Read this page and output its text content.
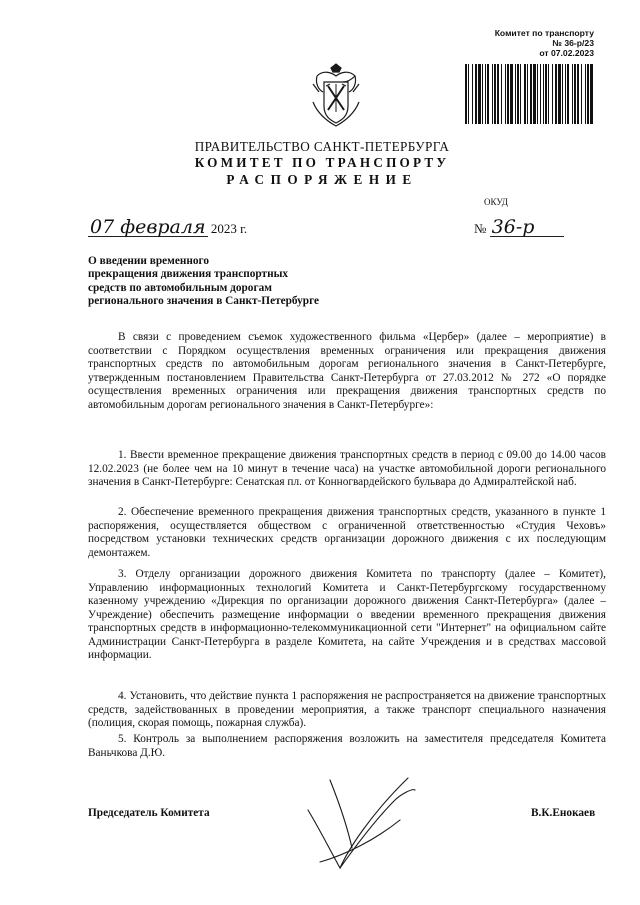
Комитет по транспорту
№ 36-р/23
от 07.02.2023
ПРАВИТЕЛЬСТВО САНКТ-ПЕТЕРБУРГА
КОМИТЕТ ПО ТРАНСПОРТУ
РАСПОРЯЖЕНИЕ
ОКУД
07 февраля 2023 г.	№ 36-р
О введении временного
прекращения движения транспортных
средств по автомобильным дорогам
регионального значения в Санкт-Петербурге
В связи с проведением съемок художественного фильма «Цербер» (далее – мероприятие) в соответствии с Порядком осуществления временных ограничения или прекращения движения транспортных средств по автомобильным дорогам регионального значения в Санкт-Петербурге, утвержденным постановлением Правительства Санкт-Петербурга от 27.03.2012 № 272 «О порядке осуществления временных ограничения или прекращения движения транспортных средств по автомобильным дорогам регионального значения в Санкт-Петербурге»:
1. Ввести временное прекращение движения транспортных средств в период с 09.00 до 14.00 часов 12.02.2023 (не более чем на 10 минут в течение часа) на участке автомобильной дороги регионального значения в Санкт-Петербурге: Сенатская пл. от Конногвардейского бульвара до Адмиралтейской наб.
2. Обеспечение временного прекращения движения транспортных средств, указанного в пункте 1 распоряжения, осуществляется обществом с ограниченной ответственностью «Студия Чеховъ» посредством установки технических средств организации дорожного движения с их последующим демонтажем.
3. Отделу организации дорожного движения Комитета по транспорту (далее – Комитет), Управлению информационных технологий Комитета и Санкт-Петербургскому государственному казенному учреждению «Дирекция по организации дорожного движения Санкт-Петербурга» (далее – Учреждение) обеспечить размещение информации о введении временного прекращения движения транспортных средств в информационно-телекоммуникационной сети "Интернет" на официальном сайте Администрации Санкт-Петербурга в разделе Комитета, на сайте Учреждения и в средствах массовой информации.
4. Установить, что действие пункта 1 распоряжения не распространяется на движение транспортных средств, задействованных в проведении мероприятия, а также транспорт специального назначения (полиция, скорая помощь, пожарная служба).
5. Контроль за выполнением распоряжения возложить на заместителя председателя Комитета Ваньчкова Д.Ю.
Председатель Комитета	В.К.Енокаев
